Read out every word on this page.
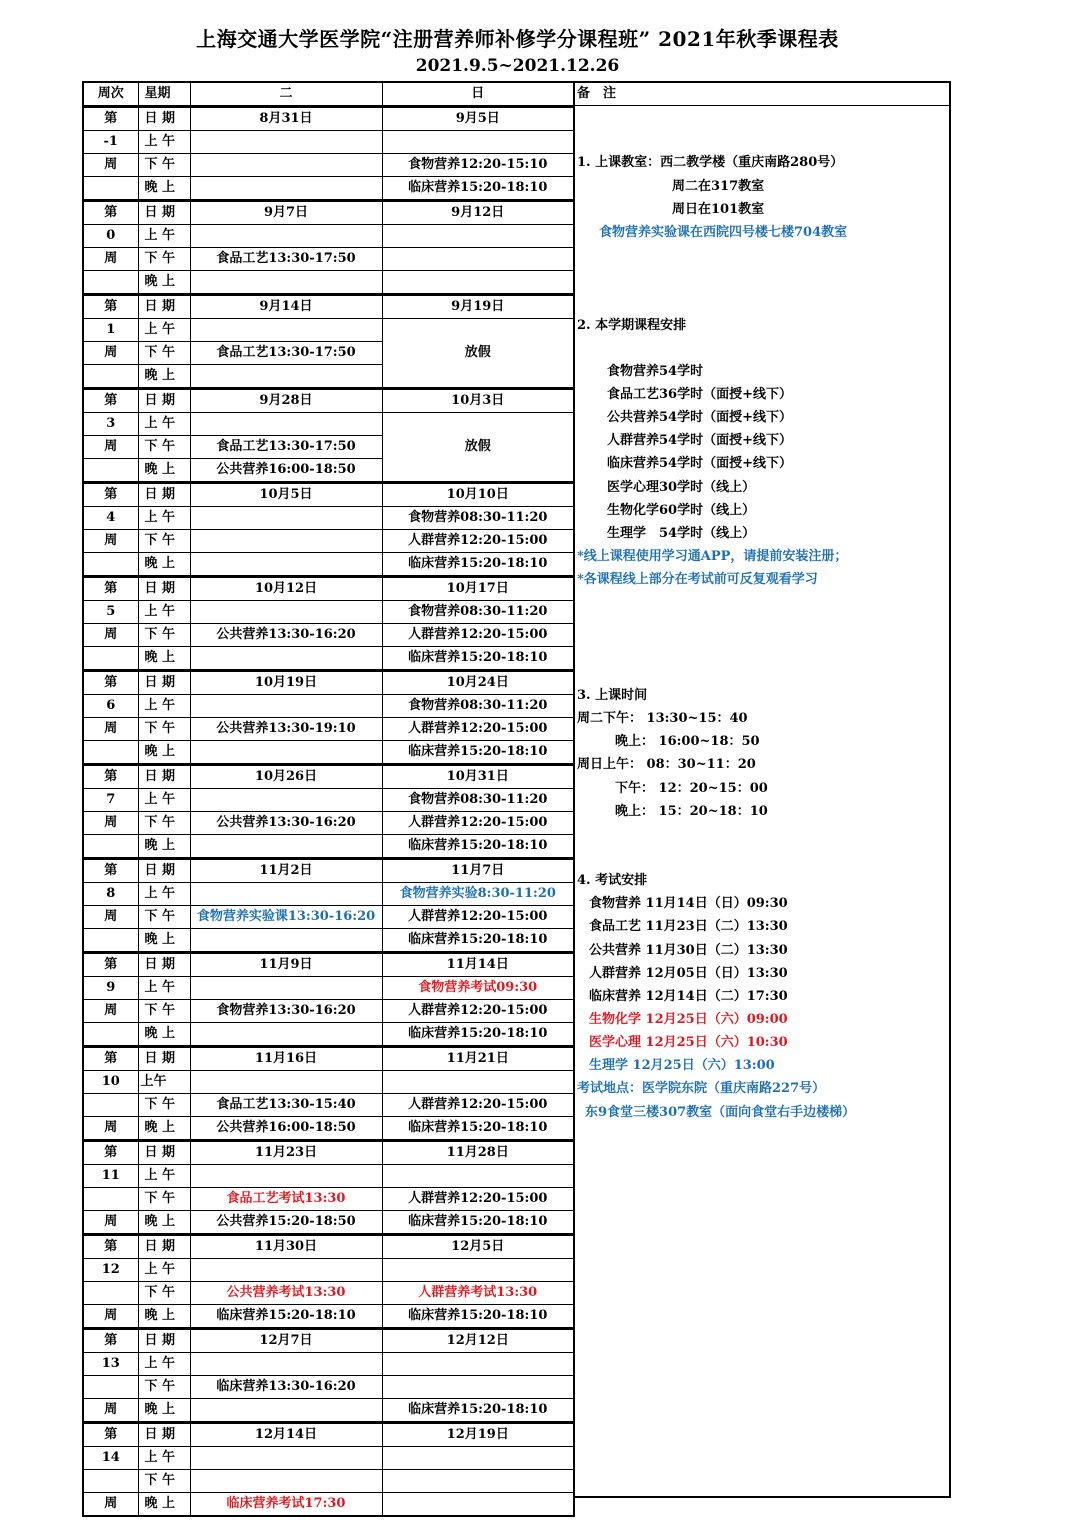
上海交通大学医学院“注册营养师补修学分课程班” 2021年秋季课程表
2021.9.5~2021.12.26
周次	星期	二	日
第	日 期	8月31日	9月5日
-1	上 午		
周	下 午		食物营养12:20-15:10
	晚 上		临床营养15:20-18:10
第	日 期	9月7日	9月12日
0	上 午		
周	下 午	食品工艺13:30-17:50	
	晚 上		
第	日 期	9月14日	9月19日
1	上 午		放假
周	下 午	食品工艺13:30-17:50	
	晚 上		
第	日 期	9月28日	10月3日
3	上 午		放假
周	下 午	食品工艺13:30-17:50	
	晚 上	公共营养16:00-18:50	
第	日 期	10月5日	10月10日
4	上 午		食物营养08:30-11:20
周	下 午		人群营养12:20-15:00
	晚 上		临床营养15:20-18:10
第	日 期	10月12日	10月17日
5	上 午		食物营养08:30-11:20
周	下 午	公共营养13:30-16:20	人群营养12:20-15:00
	晚 上		临床营养15:20-18:10
第	日 期	10月19日	10月24日
6	上 午		食物营养08:30-11:20
周	下 午	公共营养13:30-19:10	人群营养12:20-15:00
	晚 上		临床营养15:20-18:10
第	日 期	10月26日	10月31日
7	上 午		食物营养08:30-11:20
周	下 午	公共营养13:30-16:20	人群营养12:20-15:00
	晚 上		临床营养15:20-18:10
第	日 期	11月2日	11月7日
8	上 午		食物营养实验8:30-11:20
周	下 午	食物营养实验课13:30-16:20	人群营养12:20-15:00
	晚 上		临床营养15:20-18:10
第	日 期	11月9日	11月14日
9	上 午		食物营养考试09:30
周	下 午	食物营养13:30-16:20	人群营养12:20-15:00
	晚 上		临床营养15:20-18:10
第	日 期	11月16日	11月21日
10	上午		
	下 午	食品工艺13:30-15:40	人群营养12:20-15:00
周	晚 上	公共营养16:00-18:50	临床营养15:20-18:10
第	日 期	11月23日	11月28日
11	上 午		
	下 午	食品工艺考试13:30	人群营养12:20-15:00
周	晚 上	公共营养15:20-18:50	临床营养15:20-18:10
第	日 期	11月30日	12月5日
12	上 午		
	下 午	公共营养考试13:30	人群营养考试13:30
周	晚 上	临床营养15:20-18:10	临床营养15:20-18:10
第	日 期	12月7日	12月12日
13	上 午		
	下 午	临床营养13:30-16:20	
周	晚 上		临床营养15:20-18:10
第	日 期	12月14日	12月19日
14	上 午		
	下 午		
周	晚 上	临床营养考试17:30	
备　注
1. 上课教室：西二教学楼（重庆南路280号）
周二在317教室
周日在101教室
食物营养实验课在西院四号楼七楼704教室
2. 本学期课程安排
食物营养54学时
食品工艺36学时（面授+线下）
公共营养54学时（面授+线下）
人群营养54学时（面授+线下）
临床营养54学时（面授+线下）
医学心理30学时（线上）
生物化学60学时（线上）
生理学　54学时（线上）
*线上课程使用学习通APP，请提前安装注册；
*各课程线上部分在考试前可反复观看学习
3. 上课时间
周二下午： 13:30~15：40
晚上： 16:00~18：50
周日上午： 08：30~11：20
下午： 12：20~15：00
晚上： 15：20~18：10
4. 考试安排
食物营养 11月14日（日）09:30
食品工艺 11月23日（二）13:30
公共营养 11月30日（二）13:30
人群营养 12月05日（日）13:30
临床营养 12月14日（二）17:30
生物化学 12月25日（六）09:00
医学心理 12月25日（六）10:30
生理学 12月25日（六）13:00
考试地点：医学院东院（重庆南路227号）
东9食堂三楼307教室（面向食堂右手边楼梯）
